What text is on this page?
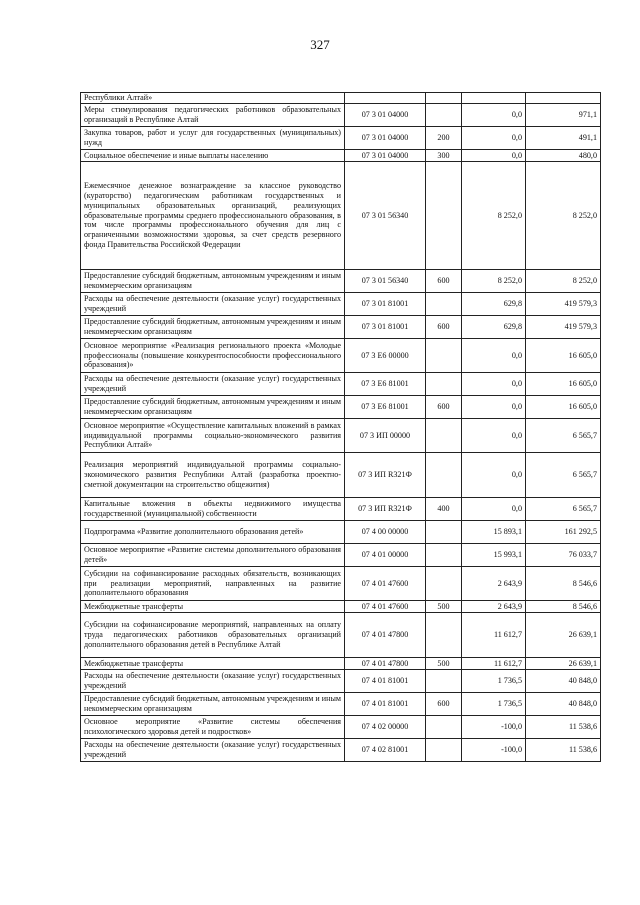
327
Республики Алтай»				
Меры стимулирования педагогических работников образовательных организаций в Республике Алтай	07 3 01 04000		0,0	971,1
Закупка товаров, работ и услуг для государственных (муниципальных) нужд	07 3 01 04000	200	0,0	491,1
Социальное обеспечение и иные выплаты населению	07 3 01 04000	300	0,0	480,0
Ежемесячное денежное вознаграждение за классное руководство (кураторство) педагогическим работникам государственных и муниципальных образовательных организаций, реализующих образовательные программы среднего профессионального образования, в том числе программы профессионального обучения для лиц с ограниченными возможностями здоровья, за счет средств резервного фонда Правительства Российской Федерации	07 3 01 56340		8 252,0	8 252,0
Предоставление субсидий бюджетным, автономным учреждениям и иным некоммерческим организациям	07 3 01 56340	600	8 252,0	8 252,0
Расходы на обеспечение деятельности (оказание услуг) государственных учреждений	07 3 01 81001		629,8	419 579,3
Предоставление субсидий бюджетным, автономным учреждениям и иным некоммерческим организациям	07 3 01 81001	600	629,8	419 579,3
Основное мероприятие «Реализация регионального проекта «Молодые профессионалы (повышение конкурентоспособности профессионального образования)»	07 3 Е6 00000		0,0	16 605,0
Расходы на обеспечение деятельности (оказание услуг) государственных учреждений	07 3 Е6 81001		0,0	16 605,0
Предоставление субсидий бюджетным, автономным учреждениям и иным некоммерческим организациям	07 3 Е6 81001	600	0,0	16 605,0
Основное мероприятие «Осуществление капитальных вложений в рамках индивидуальной программы социально-экономического развития Республики Алтай»	07 3 ИП 00000		0,0	6 565,7
Реализация мероприятий индивидуальной программы социально-экономического развития Республики Алтай (разработка проектно-сметной документации на строительство общежития)	07 3 ИП R321Ф		0,0	6 565,7
Капитальные вложения в объекты недвижимого имущества государственной (муниципальной) собственности	07 3 ИП R321Ф	400	0,0	6 565,7
Подпрограмма «Развитие дополнительного образования детей»	07 4 00 00000		15 893,1	161 292,5
Основное мероприятие «Развитие системы дополнительного образования детей»	07 4 01 00000		15 993,1	76 033,7
Субсидии на софинансирование расходных обязательств, возникающих при реализации мероприятий, направленных на развитие дополнительного образования	07 4 01 47600		2 643,9	8 546,6
Межбюджетные трансферты	07 4 01 47600	500	2 643,9	8 546,6
Субсидии на софинансирование мероприятий, направленных на оплату труда педагогических работников образовательных организаций дополнительного образования детей в Республике Алтай	07 4 01 47800		11 612,7	26 639,1
Межбюджетные трансферты	07 4 01 47800	500	11 612,7	26 639,1
Расходы на обеспечение деятельности (оказание услуг) государственных учреждений	07 4 01 81001		1 736,5	40 848,0
Предоставление субсидий бюджетным, автономным учреждениям и иным некоммерческим организациям	07 4 01 81001	600	1 736,5	40 848,0
Основное мероприятие «Развитие системы обеспечения психологического здоровья детей и подростков»	07 4 02 00000		-100,0	11 538,6
Расходы на обеспечение деятельности (оказание услуг) государственных учреждений	07 4 02 81001		-100,0	11 538,6
